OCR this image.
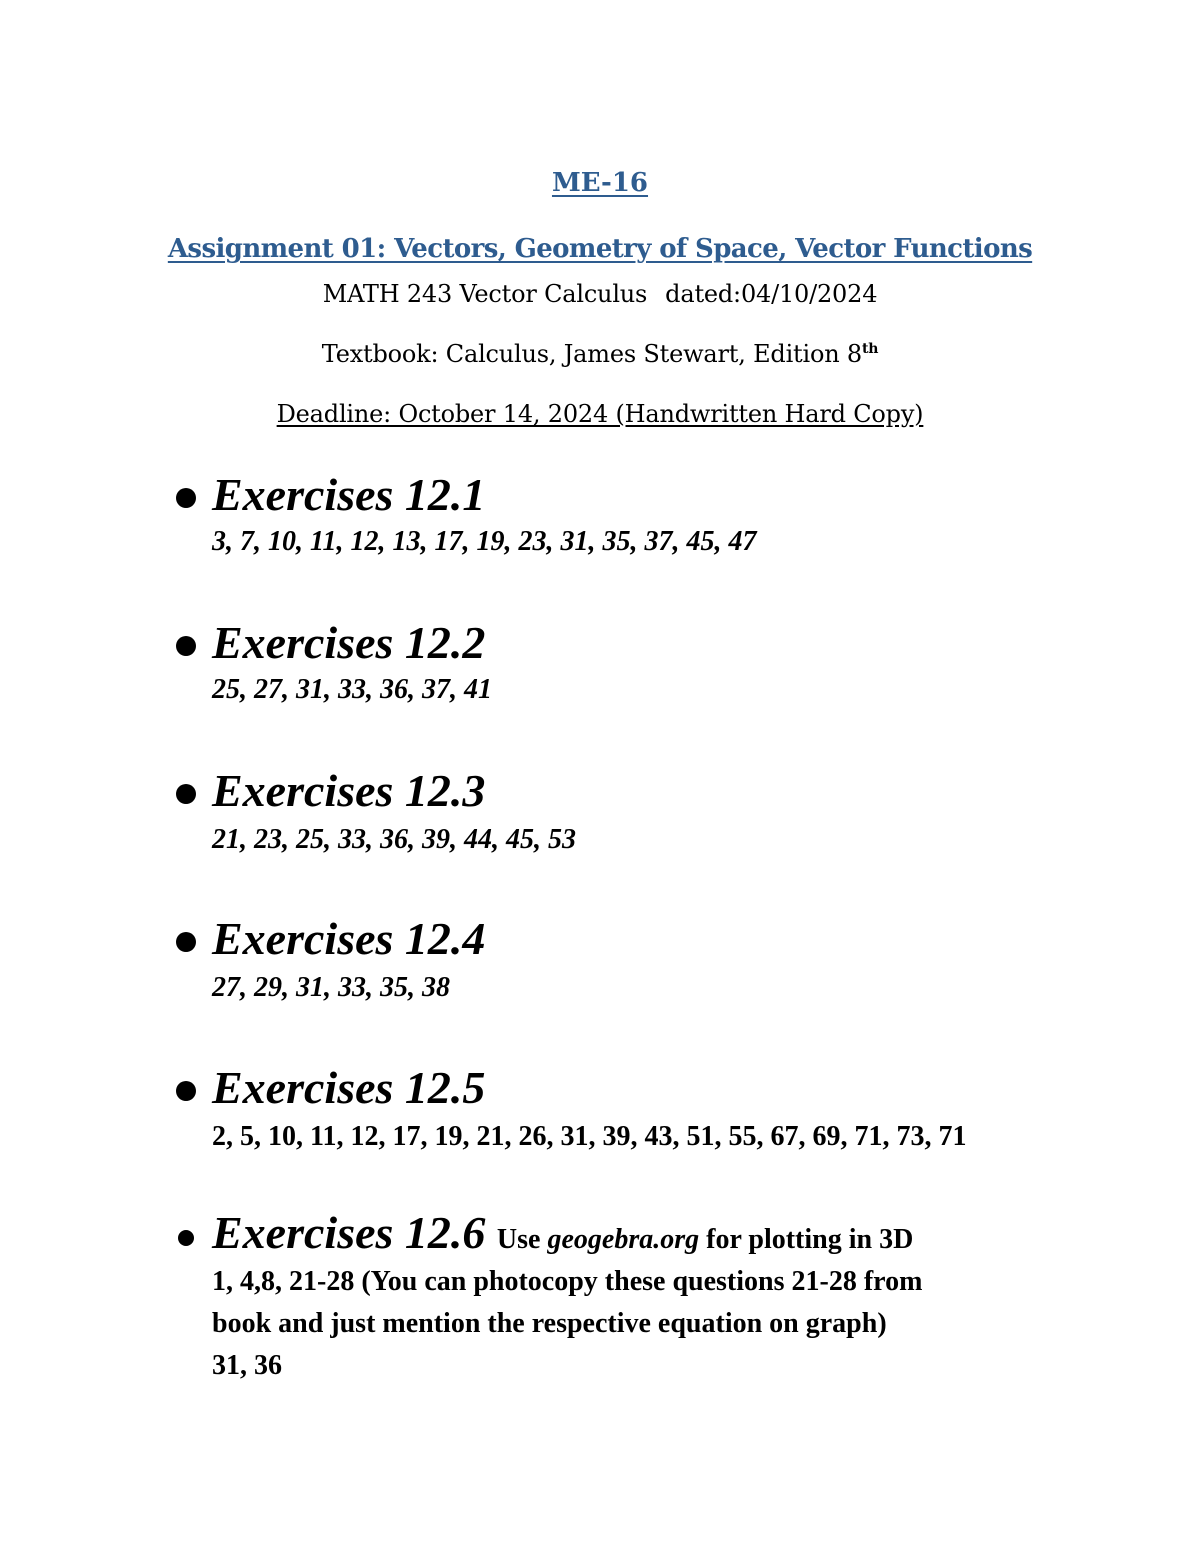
ME-16
Assignment 01: Vectors, Geometry of Space, Vector Functions
MATH 243 Vector Calculus dated:04/10/2024
Textbook: Calculus, James Stewart, Edition 8th
Deadline: October 14, 2024 (Handwritten Hard Copy)
Exercises 12.1
3, 7, 10, 11, 12, 13, 17, 19, 23, 31, 35, 37, 45, 47
Exercises 12.2
25, 27, 31, 33, 36, 37, 41
Exercises 12.3
21, 23, 25, 33, 36, 39, 44, 45, 53
Exercises 12.4
27, 29, 31, 33, 35, 38
Exercises 12.5
2, 5, 10, 11, 12, 17, 19, 21, 26, 31, 39, 43, 51, 55, 67, 69, 71, 73, 71
Exercises 12.6 Use geogebra.org for plotting in 3D
1, 4,8, 21-28 (You can photocopy these questions 21-28 from
book and just mention the respective equation on graph)
31, 36
